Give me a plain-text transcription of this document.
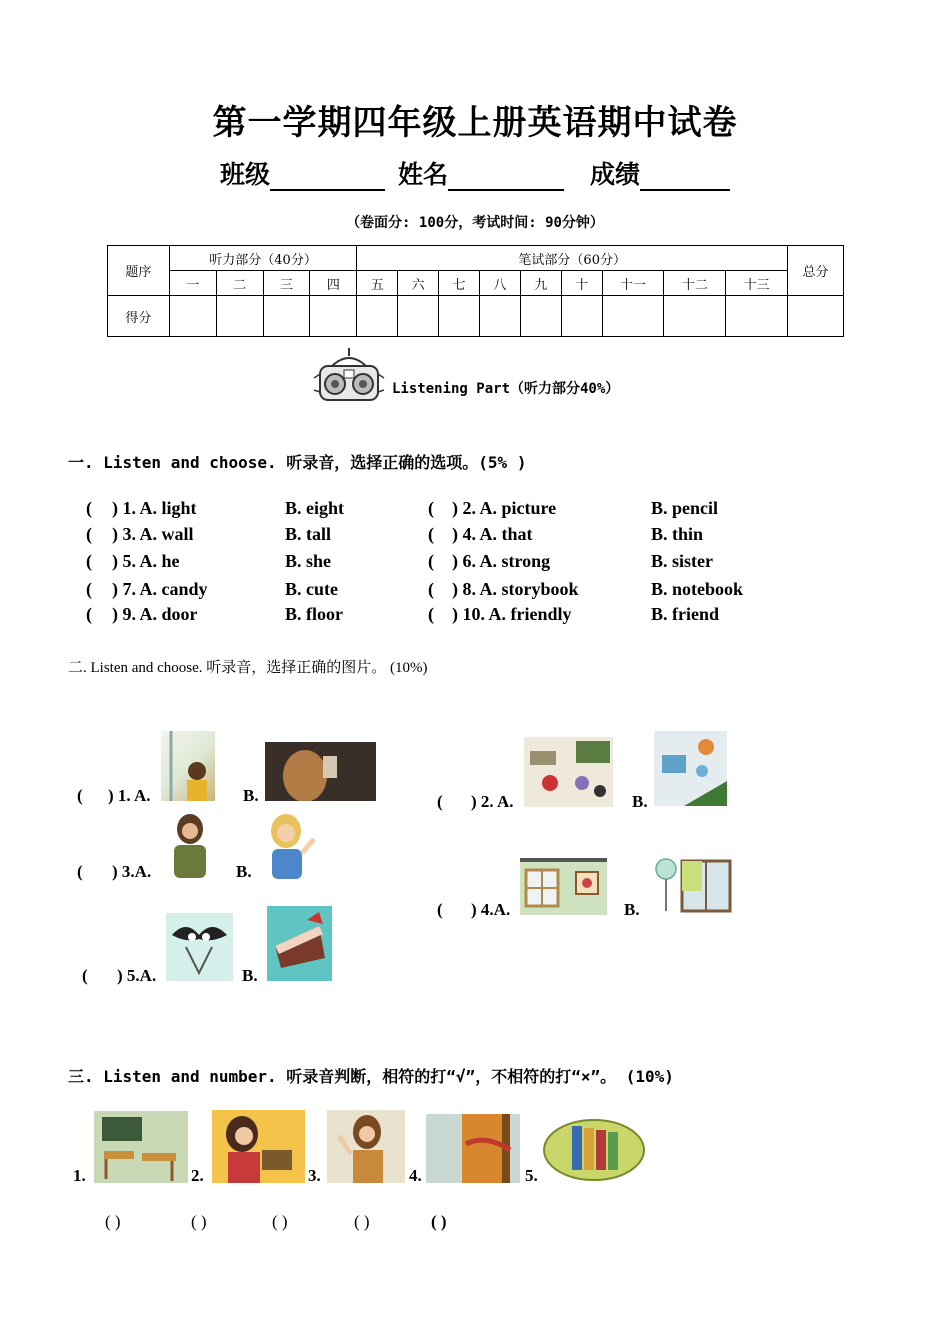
第一学期四年级上册英语期中试卷
班级	姓名	成绩
（卷面分: 100分，考试时间: 90分钟）
题序	听力部分（40分）				笔试部分（60分）									总分
	一	二	三	四	五	六	七	八	九	十	十一	十二	十三	
得分														
Listening Part（听力部分40%）
一. Listen and choose. 听录音，选择正确的选项。(5% )
( ) 1. A. light	B. eight	( ) 2. A. picture	B. pencil
( ) 3. A. wall	B. tall	( ) 4. A. that	B. thin
( ) 5. A. he	B. she	( ) 6. A. strong	B. sister
( ) 7. A. candy	B. cute	( ) 8. A. storybook	B. notebook
( ) 9. A. door	B. floor	( ) 10. A. friendly	B. friend
二. Listen and choose. 听录音，选择正确的图片。 (10%)
( ) 1. A.	B.	( ) 2. A.	B.
( ) 3.A.	B.
( ) 4.A.	B.
( ) 5.A.	B.
三. Listen and number. 听录音判断，相符的打“√”，不相符的打“×”。 (10%)
1.	2.	3.	4.	5.
( )	( )	( )	( )	( )
